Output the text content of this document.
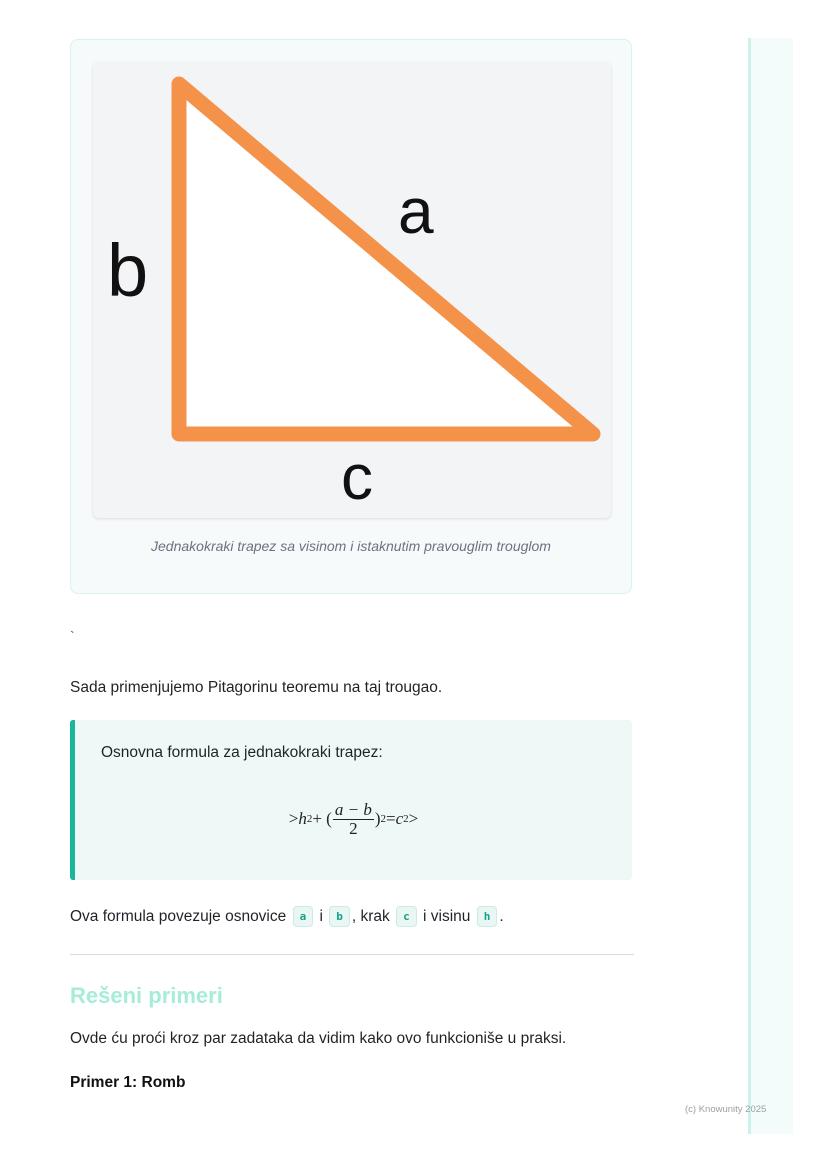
b
a
c
Jednakokraki trapez sa visinom i istaknutim pravouglim trouglom
`

Sada primenjujemo Pitagorinu teoremu na taj trougao.

Osnovna formula za jednakokraki trapez:
> h 2 + ( $\frac{a - b}{2}$ ) 2 = c 2 >

Ova formula povezuje osnovice a i b , krak c i visinu h .

Rešeni primeri

Ovde ću proći kroz par zadataka da vidim kako ovo funkcioniše u praksi.

Primer 1: Romb
(c) Knowunity 2025
